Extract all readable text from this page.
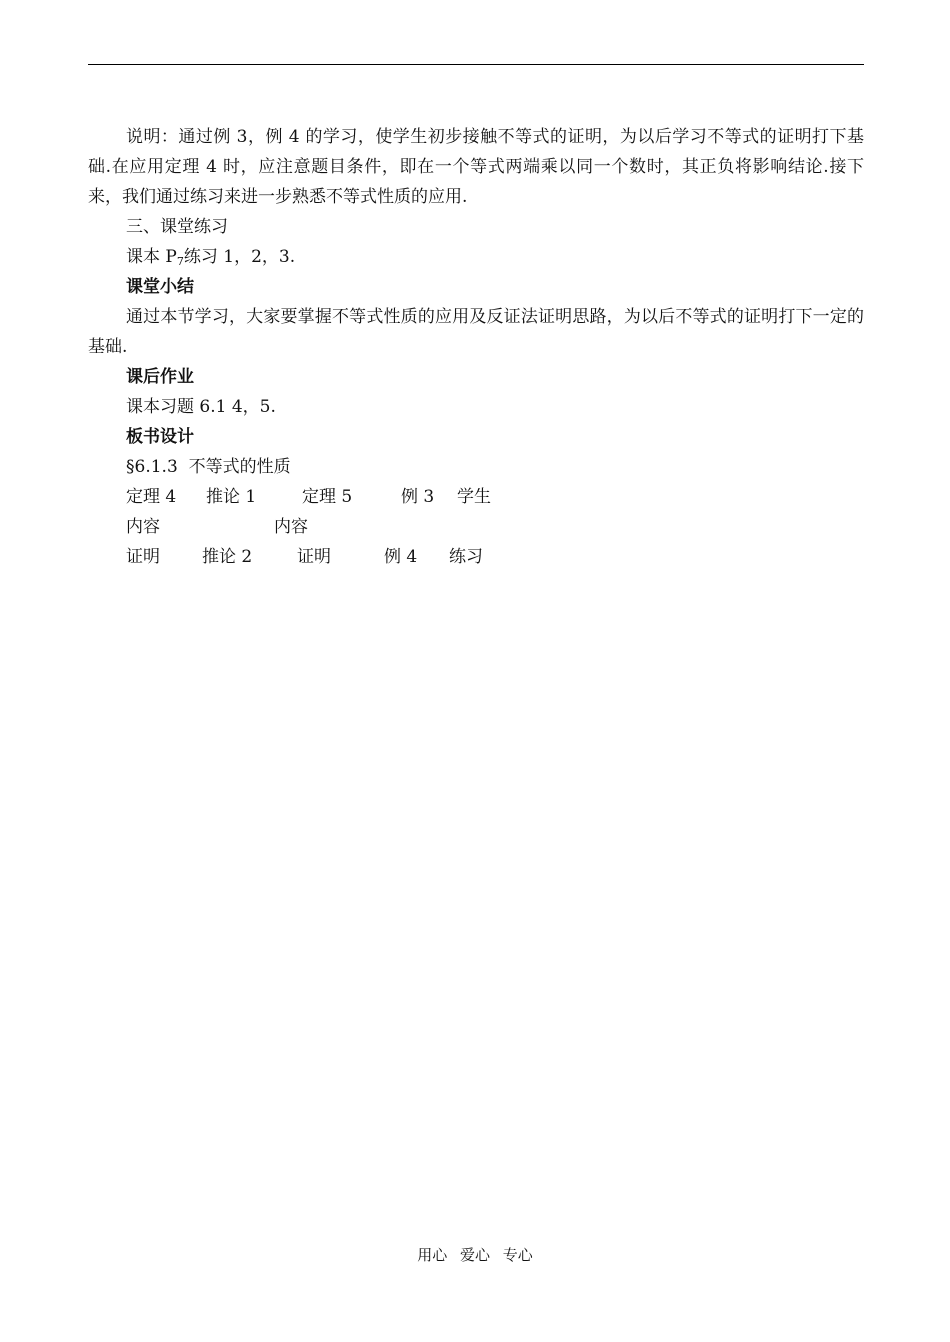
说明：通过例 3，例 4 的学习，使学生初步接触不等式的证明，为以后学习不等式的证明打下基础.在应用定理 4 时，应注意题目条件，即在一个等式两端乘以同一个数时，其正负将影响结论.接下来，我们通过练习来进一步熟悉不等式性质的应用.

三、课堂练习

课本 $P_7$练习 1，2，3.

课堂小结

通过本节学习，大家要掌握不等式性质的应用及反证法证明思路，为以后不等式的证明打下一定的基础.

课后作业

课本习题 6.1 4，5.

板书设计

§6.1.3  不等式的性质

定理 4 推论 1	定理 5	例 3 学生
内容	内容
证明 推论 2	证明	例 4 练习
用心 爱心 专心
